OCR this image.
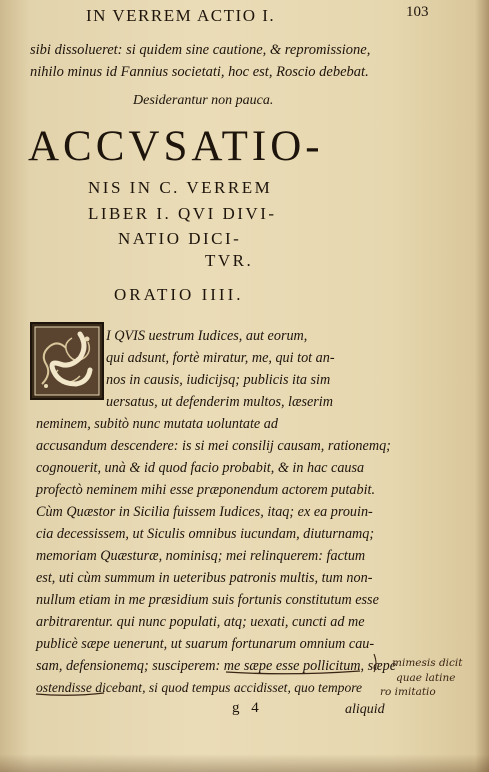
IN VERREM ACTIO I.	103
sibi dissolueret: si quidem sine cautione, & repromissione,
nihilo minus id Fannius societati, hoc est, Roscio debebat.
Desiderantur non pauca.
ACCVSATIO-
NIS IN C. VERREM
LIBER I. QVI DIVI-
NATIO DICI-
TVR.
ORATIO IIII.
I QVIS uestrum Iudices, aut eorum,
qui adsunt, fortè miratur, me, qui tot an-
nos in causis, iudicijsq; publicis ita sim
uersatus, ut defenderim multos, læserim
neminem, subitò nunc mutata uoluntate ad
accusandum descendere: is si mei consilij causam, rationemq;
cognouerit, unà & id quod facio probabit, & in hac causa
profectò neminem mihi esse præponendum actorem putabit.
Cùm Quæstor in Sicilia fuissem Iudices, itaq; ex ea prouin-
cia decessissem, ut Siculis omnibus iucundam, diuturnamq;
memoriam Quæsturæ, nominisq; mei relinquerem: factum
est, uti cùm summum in ueteribus patronis multis, tum non-
nullum etiam in me præsidium suis fortunis constitutum esse
arbitrarentur. qui nunc populati, atq; uexati, cuncti ad me
publicè sæpe uenerunt, ut suarum fortunarum omnium cau-
sam, defensionemq; susciperem: me sæpe esse pollicitum, sæpe
ostendisse dicebant, si quod tempus accidisset, quo tempore
g 4	aliquid
mimesis dicit
quae latine
ro imitatio
